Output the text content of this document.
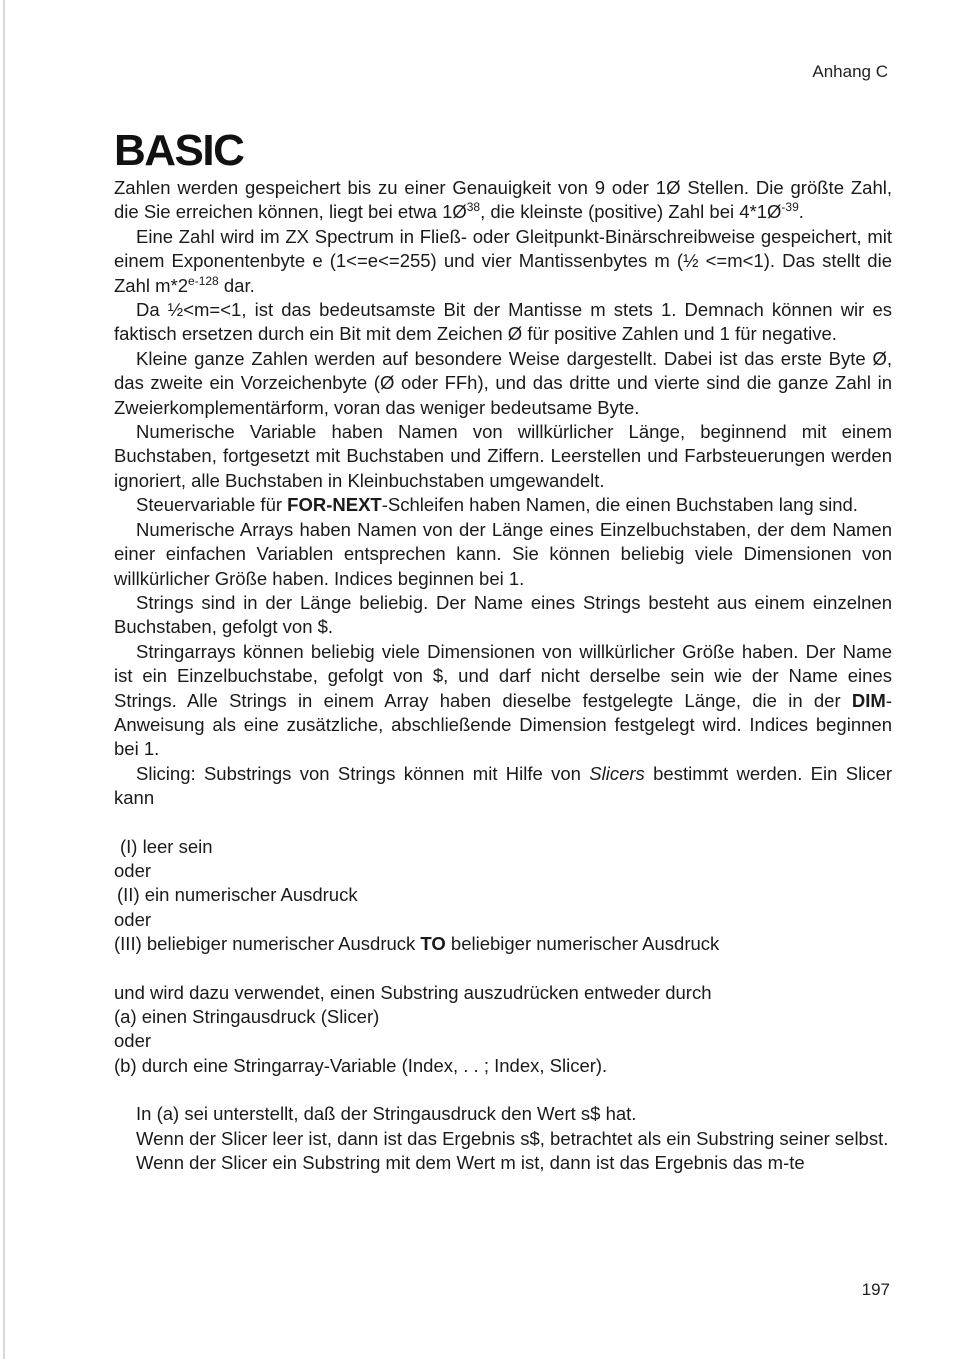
Anhang C
BASIC

Zahlen werden gespeichert bis zu einer Genauigkeit von 9 oder 1Ø Stellen. Die größte Zahl, die Sie erreichen können, liegt bei etwa $1Ø^{38}$, die kleinste (positive) Zahl bei $4*1Ø^{-39}$.

Eine Zahl wird im ZX Spectrum in Fließ- oder Gleitpunkt-Binärschreibweise gespeichert, mit einem Exponentenbyte e (1<=e<=255) und vier Mantissenbytes m (½ <=m<1). Das stellt die Zahl m*2$^{e-128}$ dar.

Da ½<m=<1, ist das bedeutsamste Bit der Mantisse m stets 1. Demnach können wir es faktisch ersetzen durch ein Bit mit dem Zeichen Ø für positive Zahlen und 1 für negative.

Kleine ganze Zahlen werden auf besondere Weise dargestellt. Dabei ist das erste Byte Ø, das zweite ein Vorzeichenbyte (Ø oder FFh), und das dritte und vierte sind die ganze Zahl in Zweierkomplementärform, voran das weniger bedeutsame Byte.

Numerische Variable haben Namen von willkürlicher Länge, beginnend mit einem Buchstaben, fortgesetzt mit Buchstaben und Ziffern. Leerstellen und Farbsteuerungen werden ignoriert, alle Buchstaben in Kleinbuchstaben umgewandelt.

Steuervariable für FOR-NEXT-Schleifen haben Namen, die einen Buchstaben lang sind.

Numerische Arrays haben Namen von der Länge eines Einzelbuchstaben, der dem Namen einer einfachen Variablen entsprechen kann. Sie können beliebig viele Dimensionen von willkürlicher Größe haben. Indices beginnen bei 1.

Strings sind in der Länge beliebig. Der Name eines Strings besteht aus einem einzelnen Buchstaben, gefolgt von $.

Stringarrays können beliebig viele Dimensionen von willkürlicher Größe haben. Der Name ist ein Einzelbuchstabe, gefolgt von $, und darf nicht derselbe sein wie der Name eines Strings. Alle Strings in einem Array haben dieselbe festgelegte Länge, die in der DIM-Anweisung als eine zusätzliche, abschließende Dimension festgelegt wird. Indices beginnen bei 1.

Slicing: Substrings von Strings können mit Hilfe von Slicers bestimmt werden. Ein Slicer kann

(I) leer sein

oder

(II) ein numerischer Ausdruck

oder

(III) beliebiger numerischer Ausdruck TO beliebiger numerischer Ausdruck

und wird dazu verwendet, einen Substring auszudrücken entweder durch

(a) einen Stringausdruck (Slicer)

oder

(b) durch eine Stringarray-Variable (Index, . . ; Index, Slicer).

In (a) sei unterstellt, daß der Stringausdruck den Wert s$ hat.

Wenn der Slicer leer ist, dann ist das Ergebnis s$, betrachtet als ein Substring seiner selbst.

Wenn der Slicer ein Substring mit dem Wert m ist, dann ist das Ergebnis das m-te

197
